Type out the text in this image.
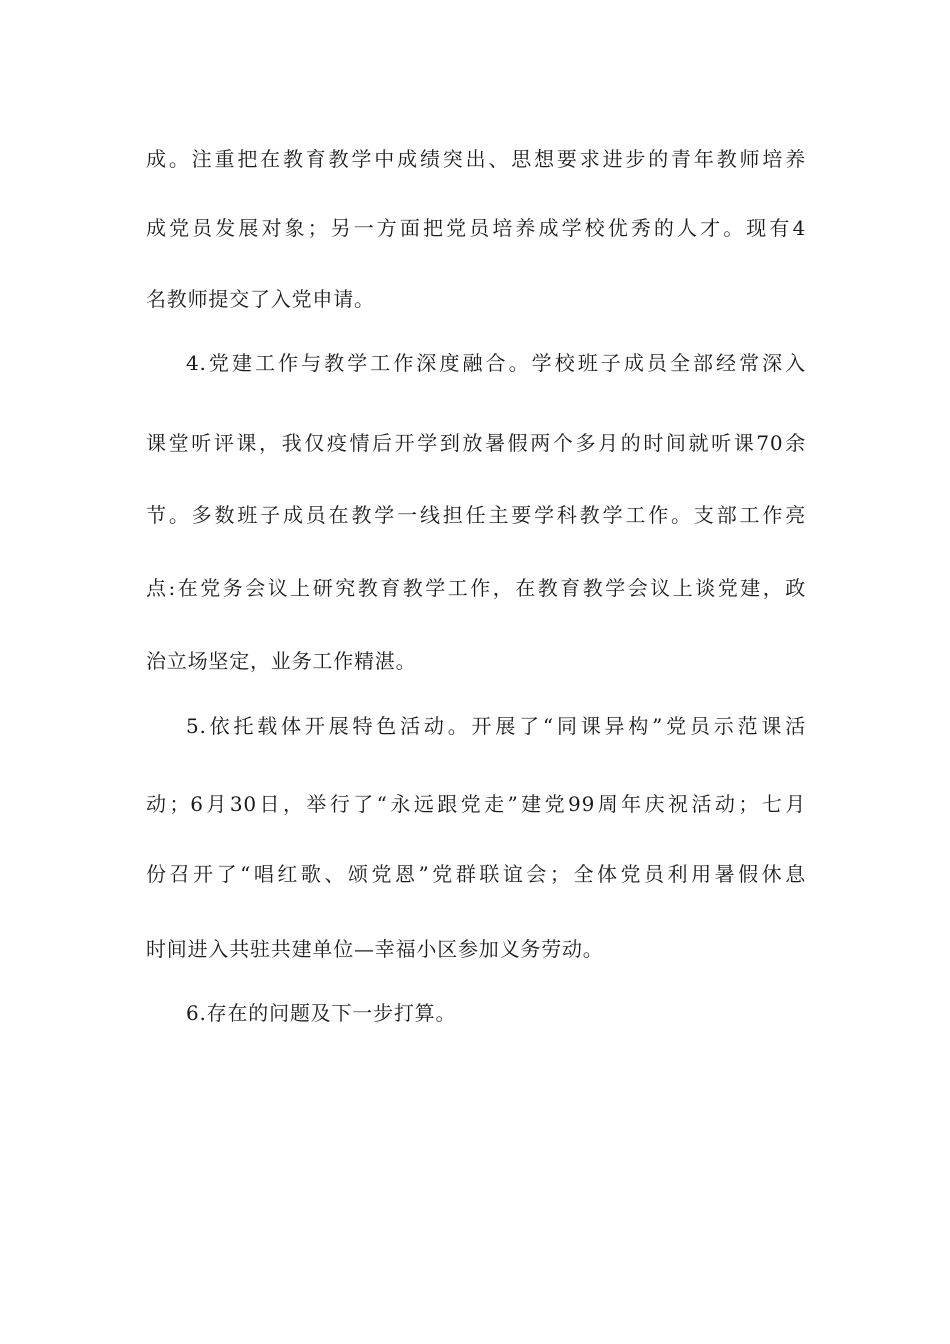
成。注重把在教育教学中成绩突出、思想要求进步的青年教师培养
成党员发展对象；另一方面把党员培养成学校优秀的人才。现有4
名教师提交了入党申请。
4.党建工作与教学工作深度融合。学校班子成员全部经常深入
课堂听评课，我仅疫情后开学到放暑假两个多月的时间就听课70余
节。多数班子成员在教学一线担任主要学科教学工作。支部工作亮
点:在党务会议上研究教育教学工作，在教育教学会议上谈党建，政
治立场坚定，业务工作精湛。
5.依托载体开展特色活动。开展了“同课异构”党员示范课活
动；6月30日，举行了“永远跟党走”建党99周年庆祝活动；七月
份召开了“唱红歌、颂党恩”党群联谊会；全体党员利用暑假休息
时间进入共驻共建单位—幸福小区参加义务劳动。
6.存在的问题及下一步打算。
